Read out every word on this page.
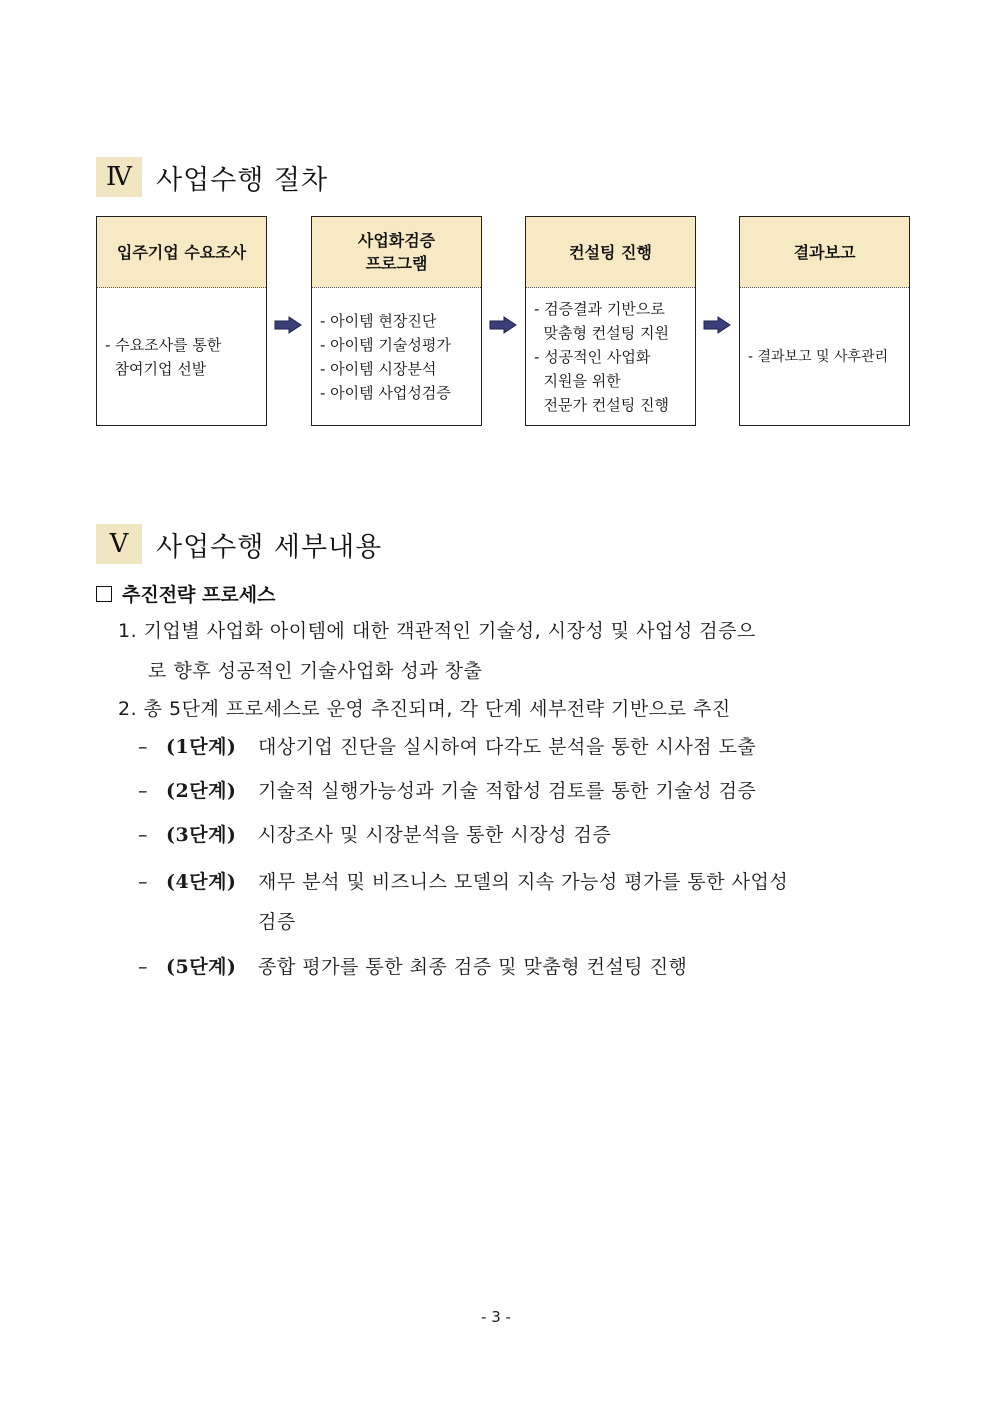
Ⅳ 사업수행 절차
입주기업 수요조사
- 수요조사를 통한
참여기업 선발
사업화검증
프로그램
- 아이템 현장진단
- 아이템 기술성평가
- 아이템 시장분석
- 아이템 사업성검증
컨설팅 진행
- 검증결과 기반으로
맞춤형 컨설팅 지원
- 성공적인 사업화
지원을 위한
전문가 컨설팅 진행
결과보고
- 결과보고 및 사후관리
Ⅴ	사업수행 세부내용
추진전략 프로세스
1. 기업별 사업화 아이템에 대한 객관적인 기술성, 시장성 및 사업성 검증으
로 향후 성공적인 기술사업화 성과 창출
2. 총 5단계 프로세스로 운영 추진되며, 각 단계 세부전략 기반으로 추진
– (1단계)	대상기업 진단을 실시하여 다각도 분석을 통한 시사점 도출
– (2단계)	기술적 실행가능성과 기술 적합성 검토를 통한 기술성 검증
– (3단계)	시장조사 및 시장분석을 통한 시장성 검증
– (4단계)	재무 분석 및 비즈니스 모델의 지속 가능성 평가를 통한 사업성
검증
– (5단계)	종합 평가를 통한 최종 검증 및 맞춤형 컨설팅 진행
- 3 -
